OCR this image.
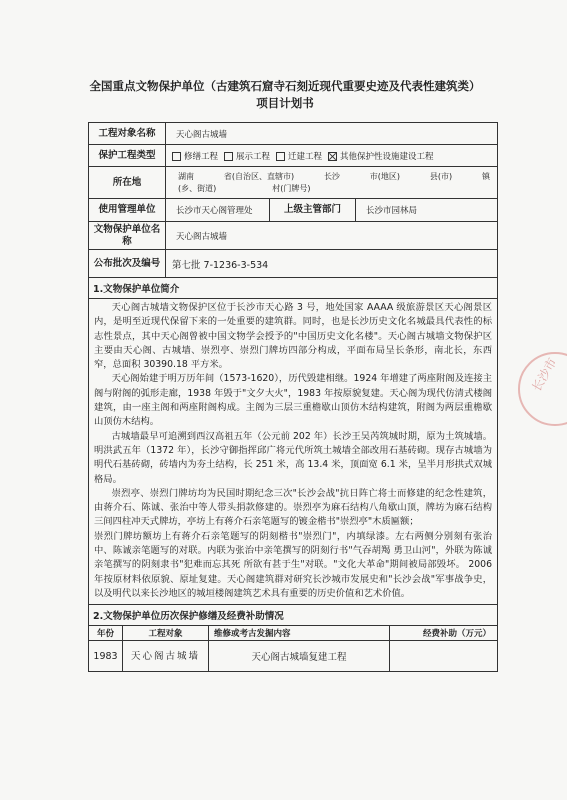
全国重点文物保护单位（古建筑石窟寺石刻近现代重要史迹及代表性建筑类）
项目计划书
工程对象名称	天心阁古城墙
保护工程类型	修缮工程	展示工程	迁建工程	其他保护性设施建设工程
所在地
湖南	省(自治区、直辖市)	长沙	市(地区)	县(市)	镇
(乡、街道)	村(门牌号)
使用管理单位	长沙市天心阁管理处	上级主管部门	长沙市园林局
文物保护单位名称	天心阁古城墙
公布批次及编号	第七批 7-1236-3-534
1.文物保护单位简介

天心阁古城墙文物保护区位于长沙市天心路 3 号，地处国家 AAAA 级旅游景区天心阁景区内，是明至近现代保留下来的一处重要的建筑群。同时，也是长沙历史文化名城最具代表性的标志性景点，其中天心阁曾被中国文物学会授予的"中国历史文化名楼"。天心阁古城墙文物保护区主要由天心阁、古城墙、崇烈亭、崇烈门牌坊四部分构成，平面布局呈长条形，南北长，东西窄，总面积 30390.18 平方米。

天心阁始建于明万历年间（1573-1620），历代毁建相继。1924 年增建了两座附阁及连接主阁与附阁的弧形走廊，1938 年毁于"文夕大火"，1983 年按原貌复建。天心阁为现代仿清式楼阁建筑，由一座主阁和两座附阁构成。主阁为三层三重檐歇山顶仿木结构建筑，附阁为两层重檐歇山顶仿木结构。

古城墙最早可追溯到西汉高祖五年（公元前 202 年）长沙王吴芮筑城时期，原为土筑城墙。明洪武五年（1372 年），长沙守御指挥邱广将元代所筑土城墙全部改用石基砖砌。现存古城墙为明代石基砖砌，砖墙内为夯土结构，长 251 米，高 13.4 米，顶面宽 6.1 米，呈半月形拱式双城格局。

崇烈亭、崇烈门牌坊均为民国时期纪念三次"长沙会战"抗日阵亡将士而修建的纪念性建筑，由蒋介石、陈诚、张治中等人带头捐款修建的。崇烈亭为麻石结构八角歇山顶，牌坊为麻石结构三间四柱冲天式牌坊，亭坊上有蒋介石亲笔题写的镀金楷书"崇烈亭"木质匾额；

崇烈门牌坊额坊上有蒋介石亲笔题写的阴刻楷书"崇烈门"，内填绿漆。左右两侧分别刻有张治中、陈诚亲笔题写的对联。内联为张治中亲笔撰写的阴刻行书"气吞胡羯 勇卫山河"，外联为陈诚亲笔撰写的阴刻隶书"犯难而忘其死 所欲有甚于生"对联。"文化大革命"期间被局部毁坏。 2006 年按原材料依原貌、原址复建。天心阁建筑群对研究长沙城市发展史和"长沙会战"军事战争史，以及明代以来长沙地区的城垣楼阁建筑艺术具有重要的历史价值和艺术价值。

2.文物保护单位历次保护修缮及经费补助情况
年份	工程对象	维修或考古发掘内容	经费补助（万元）
1983	天心阁古城墙	天心阁古城墙复建工程
长沙市
